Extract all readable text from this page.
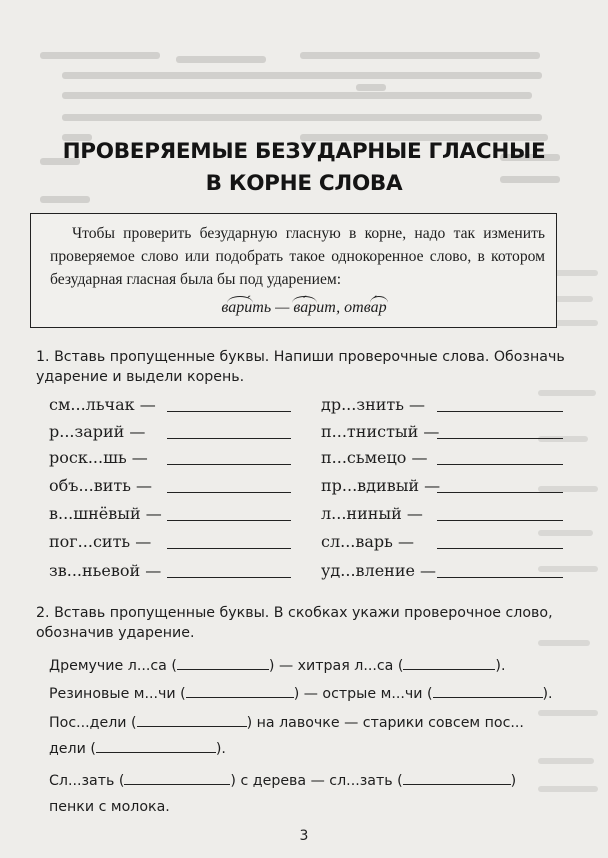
ПРОВЕРЯЕМЫЕ БЕЗУДАРНЫЕ ГЛАСНЫЕ
В КОРНЕ СЛОВА

Чтобы проверить безударную гласную в корне, надо так изменить проверяемое слово или подобрать такое однокоренное слово, в котором безударная гласная была бы под ударением:

вари ´ть — ва ´рит, отва ´р
1. Вставь пропущенные буквы. Напиши проверочные слова. Обозначь ударение и выдели корень.
см...льчак —	др...знить —
р...зарий —	п...тнистый —
роск...шь —	п...сьмецо —
объ...вить —	пр...вдивый —
в...шнёвый —	л...ниный —
пог...сить —	сл...варь —
зв...ньевой —	уд...вление —
2. Вставь пропущенные буквы. В скобках укажи проверочное слово, обозначив ударение.
Дремучие л...са (	) — хитрая л...са (	).
Резиновые м...чи (	) — острые м...чи (	).
Пос...дели (	) на лавочке — старики совсем пос...
дели (	).
Сл...зать (	) с дерева — сл...зать (	)
пенки с молока.
3
